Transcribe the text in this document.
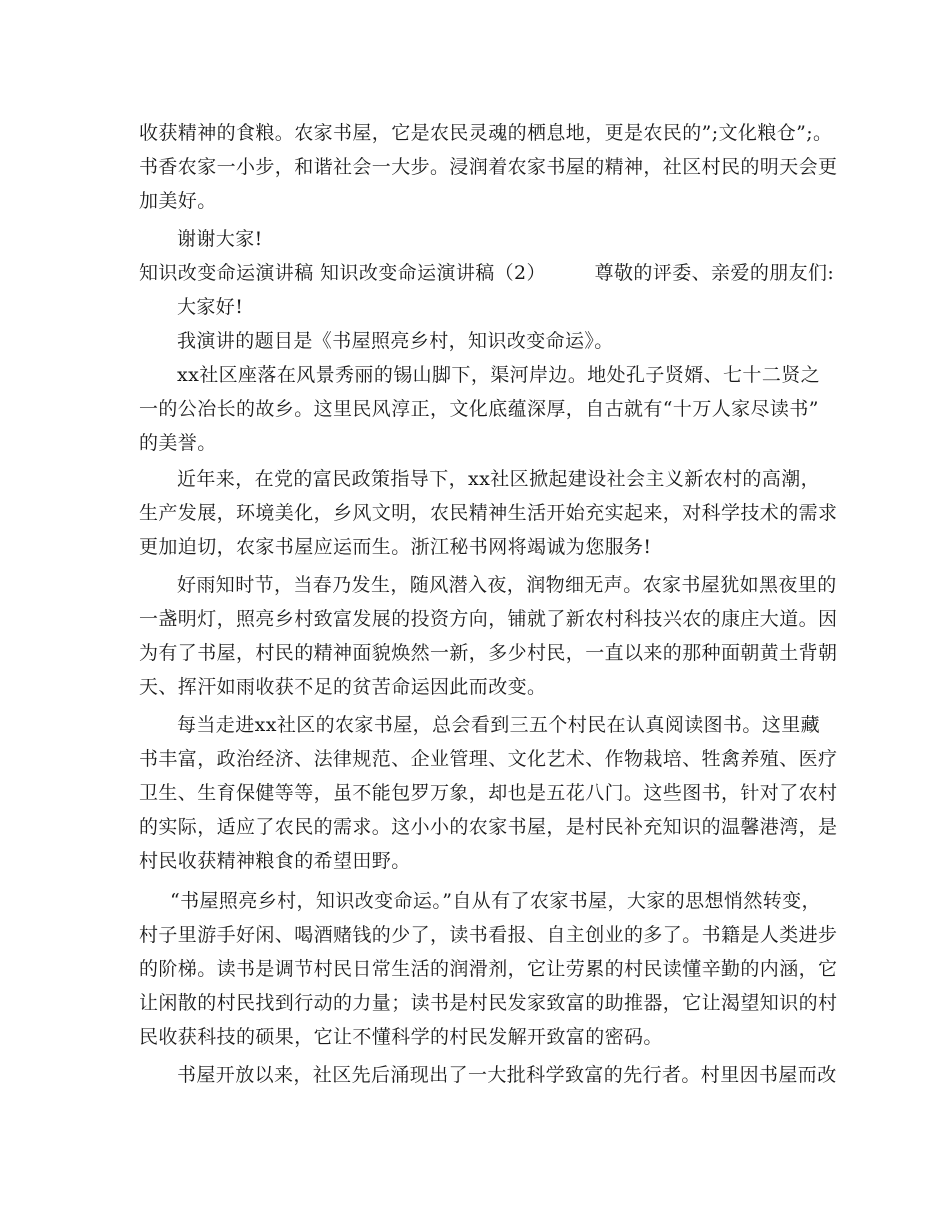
收获精神的食粮。农家书屋，它是农民灵魂的栖息地，更是农民的”;文化粮仓”;。
书香农家一小步，和谐社会一大步。浸润着农家书屋的精神，社区村民的明天会更
加美好。
谢谢大家!
知识改变命运演讲稿 知识改变命运演讲稿（2）　　　尊敬的评委、亲爱的朋友们:
大家好!
我演讲的题目是《书屋照亮乡村，知识改变命运》。
xx社区座落在风景秀丽的锡山脚下，渠河岸边。地处孔子贤婿、七十二贤之
一的公冶长的故乡。这里民风淳正，文化底蕴深厚，自古就有“十万人家尽读书”
的美誉。
近年来，在党的富民政策指导下，xx社区掀起建设社会主义新农村的高潮，
生产发展，环境美化，乡风文明，农民精神生活开始充实起来，对科学技术的需求
更加迫切，农家书屋应运而生。浙江秘书网将竭诚为您服务!
好雨知时节，当春乃发生，随风潜入夜，润物细无声。农家书屋犹如黑夜里的
一盏明灯，照亮乡村致富发展的投资方向，铺就了新农村科技兴农的康庄大道。因
为有了书屋，村民的精神面貌焕然一新，多少村民，一直以来的那种面朝黄土背朝
天、挥汗如雨收获不足的贫苦命运因此而改变。
每当走进xx社区的农家书屋，总会看到三五个村民在认真阅读图书。这里藏
书丰富，政治经济、法律规范、企业管理、文化艺术、作物栽培、牲禽养殖、医疗
卫生、生育保健等等，虽不能包罗万象，却也是五花八门。这些图书，针对了农村
的实际，适应了农民的需求。这小小的农家书屋，是村民补充知识的温馨港湾，是
村民收获精神粮食的希望田野。
“书屋照亮乡村，知识改变命运。”自从有了农家书屋，大家的思想悄然转变，
村子里游手好闲、喝酒赌钱的少了，读书看报、自主创业的多了。书籍是人类进步
的阶梯。读书是调节村民日常生活的润滑剂，它让劳累的村民读懂辛勤的内涵，它
让闲散的村民找到行动的力量；读书是村民发家致富的助推器，它让渴望知识的村
民收获科技的硕果，它让不懂科学的村民发解开致富的密码。
书屋开放以来，社区先后涌现出了一大批科学致富的先行者。村里因书屋而改
